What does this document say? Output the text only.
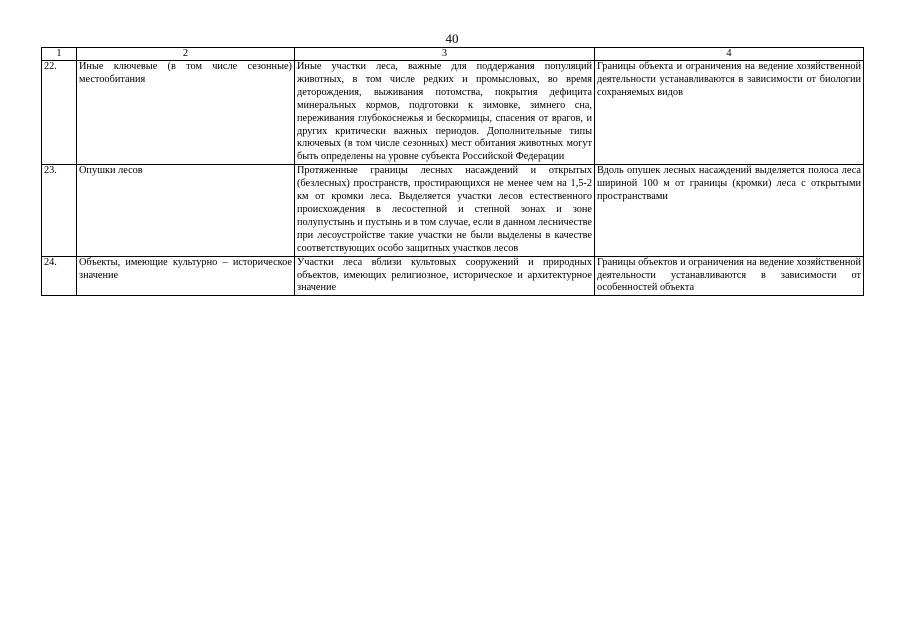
40
1	2	3	4
22.	Иные ключевые (в том числе сезонные) местообитания	Иные участки леса, важные для поддержания популяций животных, в том числе редких и промысловых, во время деторождения, выживания потомства, покрытия дефицита минеральных кормов, подготовки к зимовке, зимнего сна, переживания глубокоснежья и бескормицы, спасения от врагов, и других критически важных периодов. Дополнительные типы ключевых (в том числе сезонных) мест обитания животных могут быть определены на уровне субъекта Российской Федерации	Границы объекта и ограничения на ведение хозяйственной деятельности устанавливаются в зависимости от биологии сохраняемых видов
23.	Опушки лесов	Протяженные границы лесных насаждений и открытых (безлесных) пространств, простирающихся не менее чем на 1,5-2 км от кромки леса. Выделяется участки лесов естественного происхождения в лесостепной и степной зонах и зоне полупустынь и пустынь и в том случае, если в данном лесничестве при лесоустройстве такие участки не были выделены в качестве соответствующих особо защитных участков лесов	Вдоль опушек лесных насаждений выделяется полоса леса шириной 100 м от границы (кромки) леса с открытыми пространствами
24.	Объекты, имеющие культурно – историческое значение	Участки леса вблизи культовых сооружений и природных объектов, имеющих религиозное, историческое и архитектурное значение	Границы объектов и ограничения на ведение хозяйственной деятельности устанавливаются в зависимости от особенностей объекта
